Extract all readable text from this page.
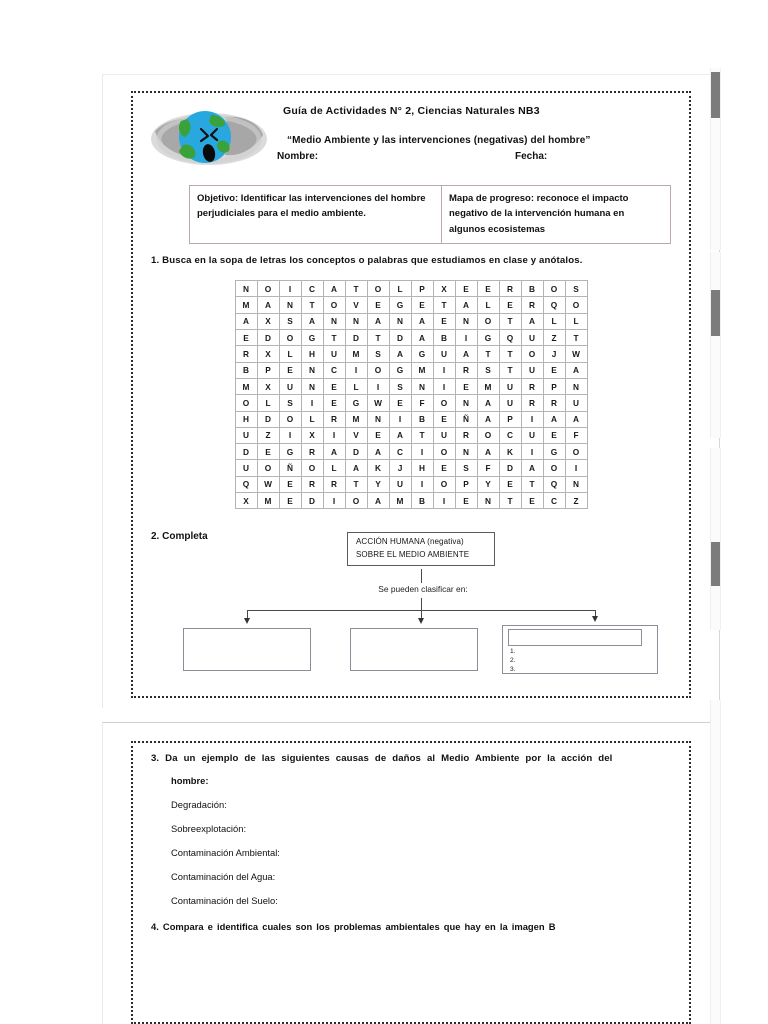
Guía de Actividades N° 2, Ciencias Naturales NB3
“Medio Ambiente y las intervenciones (negativas) del hombre”
Nombre:	Fecha:
Objetivo: Identificar las intervenciones del hombre perjudiciales para el medio ambiente.
Mapa de progreso: reconoce el impacto negativo de la intervención humana en algunos ecosistemas
1. Busca en la sopa de letras los conceptos o palabras que estudiamos en clase y anótalos.
N	O	I	C	A	T	O	L	P	X	E	E	R	B	O	S
M	A	N	T	O	V	E	G	E	T	A	L	E	R	Q	O
A	X	S	A	N	N	A	N	A	E	N	O	T	A	L	L
E	D	O	G	T	D	T	D	A	B	I	G	Q	U	Z	T
R	X	L	H	U	M	S	A	G	U	A	T	T	O	J	W
B	P	E	N	C	I	O	G	M	I	R	S	T	U	E	A
M	X	U	N	E	L	I	S	N	I	E	M	U	R	P	N
O	L	S	I	E	G	W	E	F	O	N	A	U	R	R	U
H	D	O	L	R	M	N	I	B	E	Ñ	A	P	I	A	A
U	Z	I	X	I	V	E	A	T	U	R	O	C	U	E	F
D	E	G	R	A	D	A	C	I	O	N	A	K	I	G	O
U	O	Ñ	O	L	A	K	J	H	E	S	F	D	A	O	I
Q	W	E	R	R	T	Y	U	I	O	P	Y	E	T	Q	N
X	M	E	D	I	O	A	M	B	I	E	N	T	E	C	Z
2. Completa	ACCIÓN HUMANA (negativa)
SOBRE EL MEDIO AMBIENTE
Se pueden clasificar en:
1.
2.
3.
3. Da un ejemplo de las siguientes causas de daños al Medio Ambiente por la acción del
hombre:
Degradación:
Sobreexplotación:
Contaminación Ambiental:
Contaminación del Agua:
Contaminación del Suelo:
4. Compara e identifica cuales son los problemas ambientales que hay en la imagen B
